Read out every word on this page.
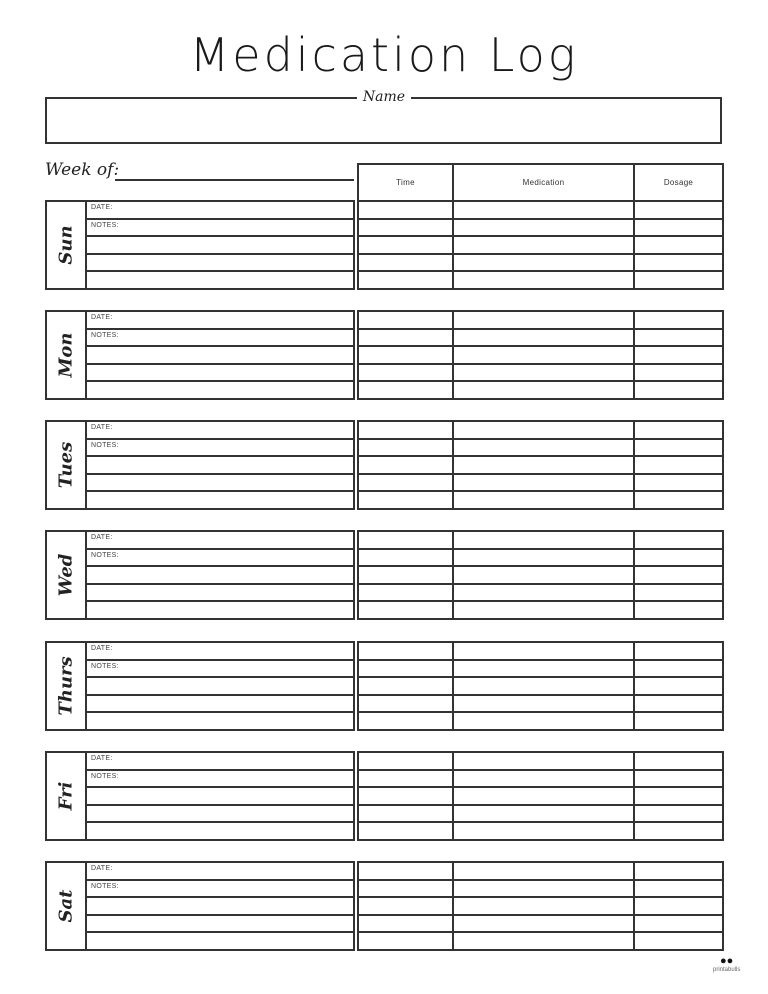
Medication Log
Name
Week of:
Time	Medication	Dosage
Sun
DATE:
NOTES:
Mon
DATE:
NOTES:
Tues
DATE:
NOTES:
Wed
DATE:
NOTES:
Thurs
DATE:
NOTES:
Fri
DATE:
NOTES:
Sat
DATE:
NOTES:
●●
printabulls
